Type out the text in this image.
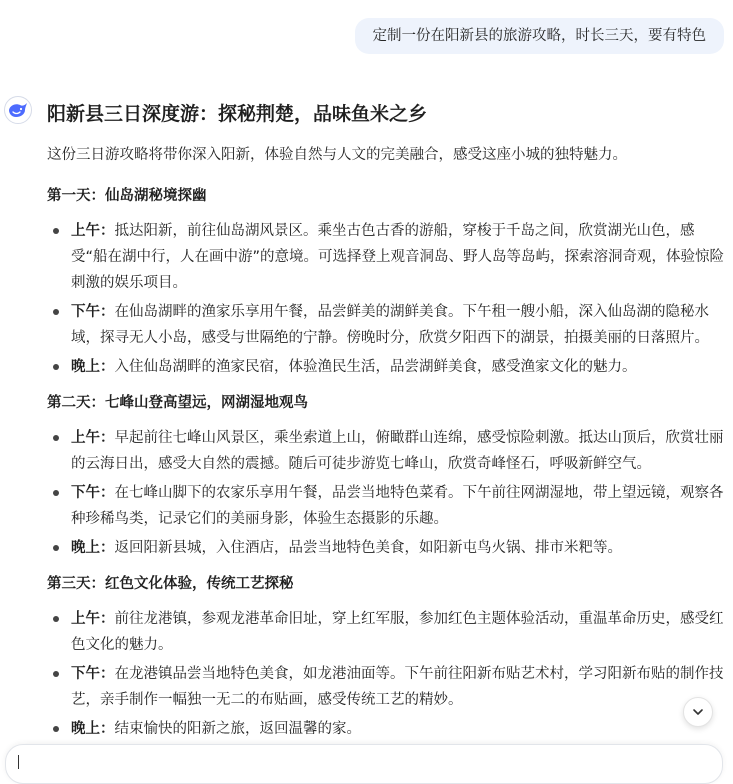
定制一份在阳新县的旅游攻略，时长三天，要有特色
阳新县三日深度游：探秘荆楚，品味鱼米之乡

这份三日游攻略将带你深入阳新，体验自然与人文的完美融合，感受这座小城的独特魅力。

第一天：仙岛湖秘境探幽

上午：抵达阳新，前往仙岛湖风景区。乘坐古色古香的游船，穿梭于千岛之间，欣赏湖光山色，感受“船在湖中行，人在画中游”的意境。可选择登上观音洞岛、野人岛等岛屿，探索溶洞奇观，体验惊险刺激的娱乐项目。
下午：在仙岛湖畔的渔家乐享用午餐，品尝鲜美的湖鲜美食。下午租一艘小船，深入仙岛湖的隐秘水域，探寻无人小岛，感受与世隔绝的宁静。傍晚时分，欣赏夕阳西下的湖景，拍摄美丽的日落照片。
晚上：入住仙岛湖畔的渔家民宿，体验渔民生活，品尝湖鲜美食，感受渔家文化的魅力。

第二天：七峰山登高望远，网湖湿地观鸟

上午：早起前往七峰山风景区，乘坐索道上山，俯瞰群山连绵，感受惊险刺激。抵达山顶后，欣赏壮丽的云海日出，感受大自然的震撼。随后可徒步游览七峰山，欣赏奇峰怪石，呼吸新鲜空气。
下午：在七峰山脚下的农家乐享用午餐，品尝当地特色菜肴。下午前往网湖湿地，带上望远镜，观察各种珍稀鸟类，记录它们的美丽身影，体验生态摄影的乐趣。
晚上：返回阳新县城，入住酒店，品尝当地特色美食，如阳新屯鸟火锅、排市米粑等。

第三天：红色文化体验，传统工艺探秘

上午：前往龙港镇，参观龙港革命旧址，穿上红军服，参加红色主题体验活动，重温革命历史，感受红色文化的魅力。
下午：在龙港镇品尝当地特色美食，如龙港油面等。下午前往阳新布贴艺术村，学习阳新布贴的制作技艺，亲手制作一幅独一无二的布贴画，感受传统工艺的精妙。
晚上：结束愉快的阳新之旅，返回温馨的家。
